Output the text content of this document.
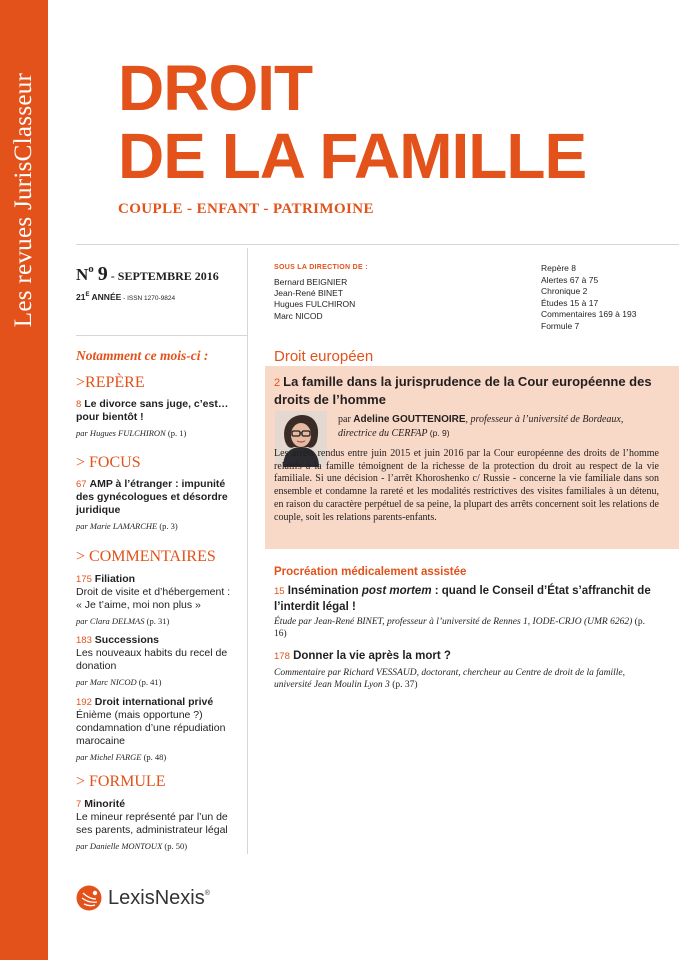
Les revues JurisClasseur DROIT
DE LA FAMILLE
COUPLE - ENFANT - PATRIMOINE
$N^o$ 9 - SEPTEMBRE 2016
$21^E$ ANNÉE - ISSN 1270-9824
SOUS LA DIRECTION DE :
Bernard BEIGNIER
Jean-René BINET
Hugues FULCHIRON
Marc NICOD
Repère 8
Alertes 67 à 75
Chronique 2
Études 15 à 17
Commentaires 169 à 193
Formule 7
Notamment ce mois-ci :
>REPÈRE
8 Le divorce sans juge, c’est… pour bientôt !
par Hugues FULCHIRON (p. 1)
> FOCUS
67 AMP à l’étranger : impunité des gynécologues et désordre juridique
par Marie LAMARCHE (p. 3)
> COMMENTAIRES
175 Filiation
Droit de visite et d’hébergement : « Je t’aime, moi non plus »
par Clara DELMAS (p. 31)
183 Successions
Les nouveaux habits du recel de donation
par Marc NICOD (p. 41)
192 Droit international privé
Énième (mais opportune ?) condamnation d’une répudiation marocaine
par Michel FARGE (p. 48)
> FORMULE
7 Minorité
Le mineur représenté par l’un de ses parents, administrateur légal
par Danielle MONTOUX (p. 50)
Droit européen
2 La famille dans la jurisprudence de la Cour européenne des droits de l’homme
par Adeline GOUTTENOIRE, professeur à l’université de Bordeaux, directrice du CERFAP (p. 9)
Les arrêts rendus entre juin 2015 et juin 2016 par la Cour européenne des droits de l’homme relatifs à la famille témoignent de la richesse de la protection du droit au respect de la vie familiale. Si une décision - l’arrêt Khoroshenko c/ Russie - concerne la vie familiale dans son ensemble et condamne la rareté et les modalités restrictives des visites familiales à un détenu, en raison du caractère perpétuel de sa peine, la plupart des arrêts concernent soit les relations de couple, soit les relations parents-enfants.
Procréation médicalement assistée
15 Insémination post mortem : quand le Conseil d’État s’affranchit de l’interdit légal !
Étude par Jean-René BINET, professeur à l’université de Rennes 1, IODE-CRJO (UMR 6262) (p. 16)
178 Donner la vie après la mort ?
Commentaire par Richard VESSAUD, doctorant, chercheur au Centre de droit de la famille, université Jean Moulin Lyon 3 (p. 37)
LexisNexis®
